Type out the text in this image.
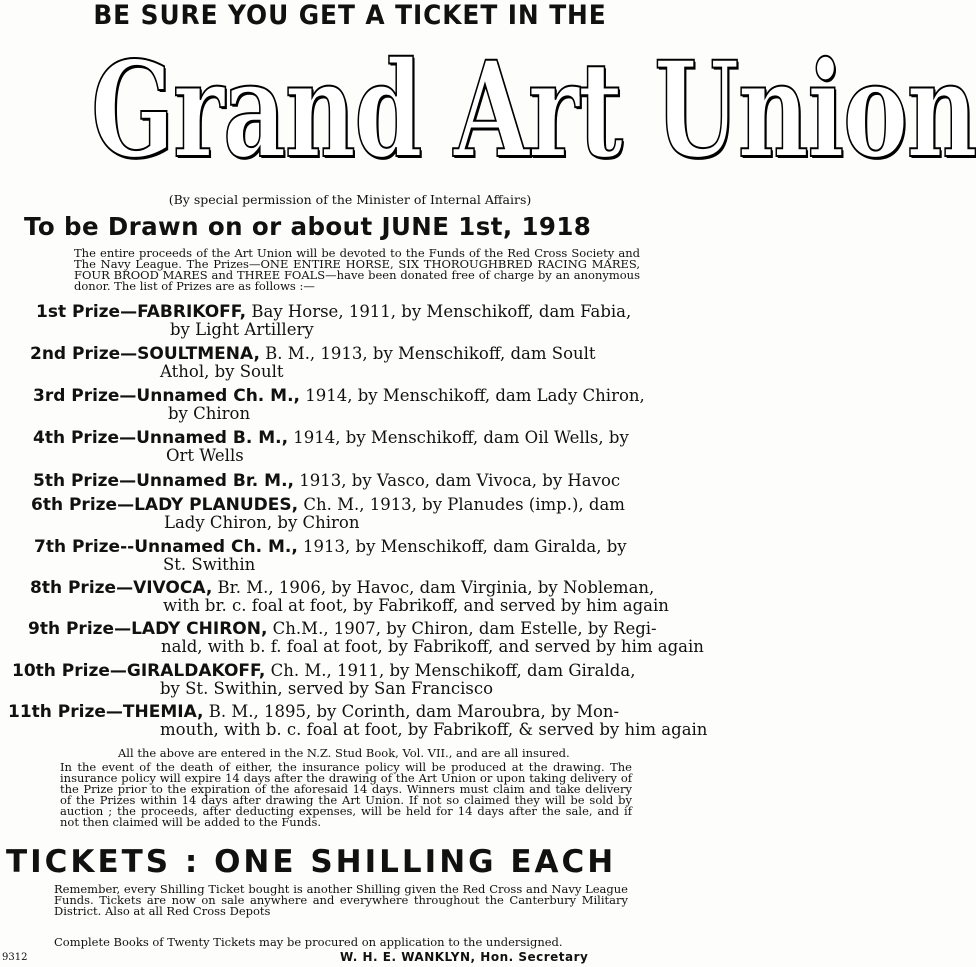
BE SURE YOU GET A TICKET IN THE
Grand Art Union
(By special permission of the Minister of Internal Affairs)
To be Drawn on or about JUNE 1st, 1918
The entire proceeds of the Art Union will be devoted to the Funds of the Red Cross Society and The Navy League. The Prizes—ONE ENTIRE HORSE, SIX THOROUGHBRED RACING MARES, FOUR BROOD MARES and THREE FOALS—have been donated free of charge by an anonymous donor. The list of Prizes are as follows :—
1st Prize—FABRIKOFF, Bay Horse, 1911, by Menschikoff, dam Fabia,
by Light Artillery
2nd Prize—SOULTMENA, B. M., 1913, by Menschikoff, dam Soult
Athol, by Soult
3rd Prize—Unnamed Ch. M., 1914, by Menschikoff, dam Lady Chiron,
by Chiron
4th Prize—Unnamed B. M., 1914, by Menschikoff, dam Oil Wells, by
Ort Wells
5th Prize—Unnamed Br. M., 1913, by Vasco, dam Vivoca, by Havoc
6th Prize—LADY PLANUDES, Ch. M., 1913, by Planudes (imp.), dam
Lady Chiron, by Chiron
7th Prize--Unnamed Ch. M., 1913, by Menschikoff, dam Giralda, by
St. Swithin
8th Prize—VIVOCA, Br. M., 1906, by Havoc, dam Virginia, by Nobleman,
with br. c. foal at foot, by Fabrikoff, and served by him again
9th Prize—LADY CHIRON, Ch.M., 1907, by Chiron, dam Estelle, by Regi-
nald, with b. f. foal at foot, by Fabrikoff, and served by him again
10th Prize—GIRALDAKOFF, Ch. M., 1911, by Menschikoff, dam Giralda,
by St. Swithin, served by San Francisco
11th Prize—THEMIA, B. M., 1895, by Corinth, dam Maroubra, by Mon-
mouth, with b. c. foal at foot, by Fabrikoff, & served by him again
All the above are entered in the N.Z. Stud Book, Vol. VII., and are all insured.
In the event of the death of either, the insurance policy will be produced at the drawing. The insurance policy will expire 14 days after the drawing of the Art Union or upon taking delivery of the Prize prior to the expiration of the aforesaid 14 days. Winners must claim and take delivery of the Prizes within 14 days after drawing the Art Union. If not so claimed they will be sold by auction ; the proceeds, after deducting expenses, will be held for 14 days after the sale, and if not then claimed will be added to the Funds.
TICKETS : ONE SHILLING EACH
Remember, every Shilling Ticket bought is another Shilling given the Red Cross and Navy League Funds. Tickets are now on sale anywhere and everywhere throughout the Canterbury Military District. Also at all Red Cross Depots
Complete Books of Twenty Tickets may be procured on application to the undersigned.
W. H. E. WANKLYN, Hon. Secretary
9312
